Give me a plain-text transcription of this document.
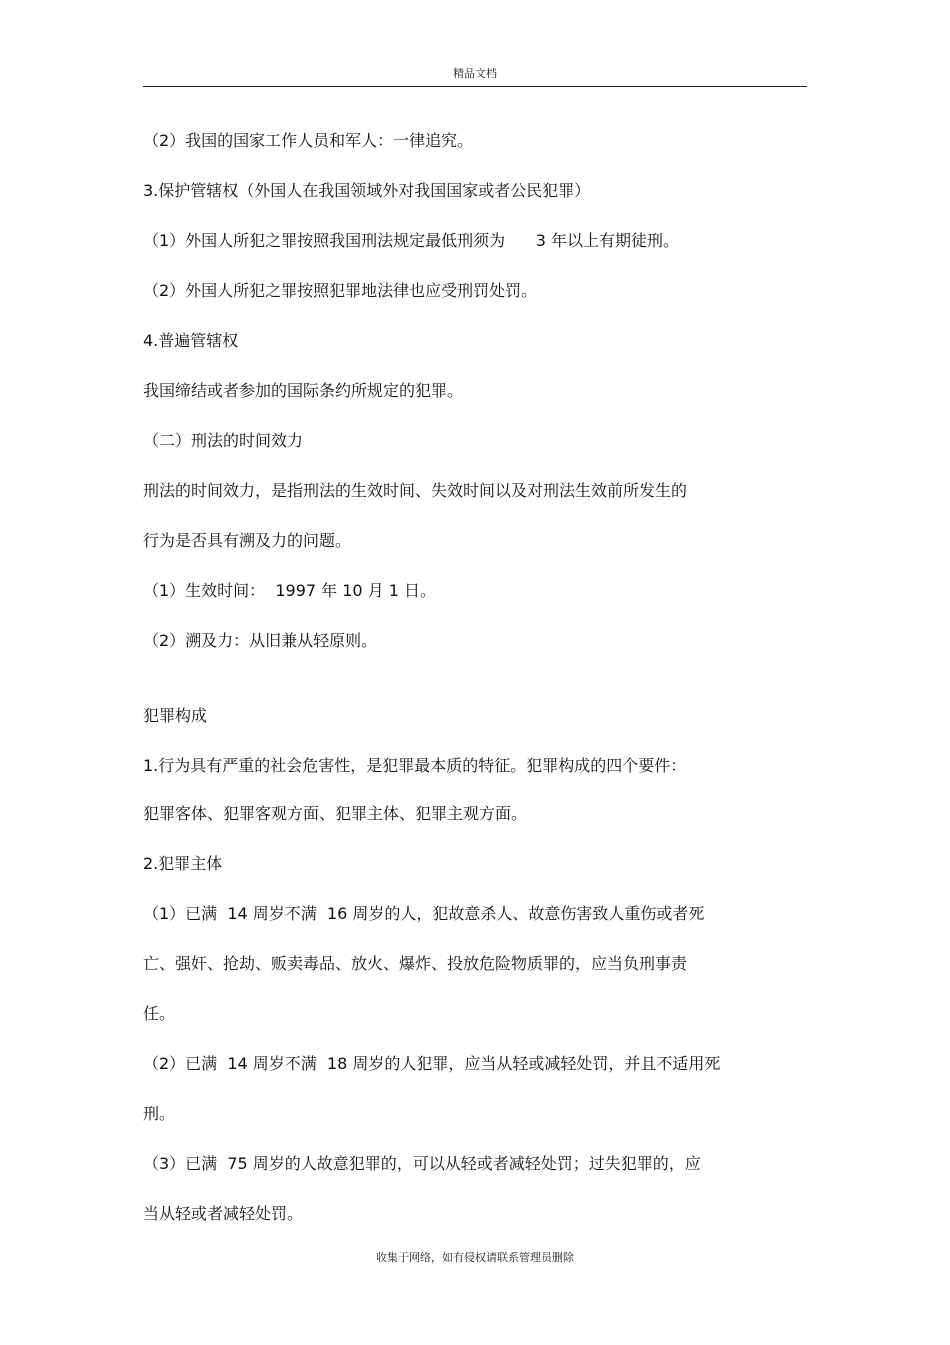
精品文档
（2）我国的国家工作人员和军人：一律追究。
3.保护管辖权（外国人在我国领域外对我国国家或者公民犯罪）
（1）外国人所犯之罪按照我国刑法规定最低刑须为      3 年以上有期徒刑。
（2）外国人所犯之罪按照犯罪地法律也应受刑罚处罚。
4.普遍管辖权
我国缔结或者参加的国际条约所规定的犯罪。
（二）刑法的时间效力
刑法的时间效力，是指刑法的生效时间、失效时间以及对刑法生效前所发生的
行为是否具有溯及力的问题。
（1）生效时间：  1997 年 10 月 1 日。
（2）溯及力：从旧兼从轻原则。
犯罪构成
1.行为具有严重的社会危害性，是犯罪最本质的特征。犯罪构成的四个要件：
犯罪客体、犯罪客观方面、犯罪主体、犯罪主观方面。
2.犯罪主体
（1）已满  14 周岁不满  16 周岁的人，犯故意杀人、故意伤害致人重伤或者死
亡、强奸、抢劫、贩卖毒品、放火、爆炸、投放危险物质罪的，应当负刑事责
任。
（2）已满  14 周岁不满  18 周岁的人犯罪，应当从轻或减轻处罚，并且不适用死
刑。
（3）已满  75 周岁的人故意犯罪的，可以从轻或者减轻处罚；过失犯罪的，应
当从轻或者减轻处罚。
收集于网络，如有侵权请联系管理员删除
